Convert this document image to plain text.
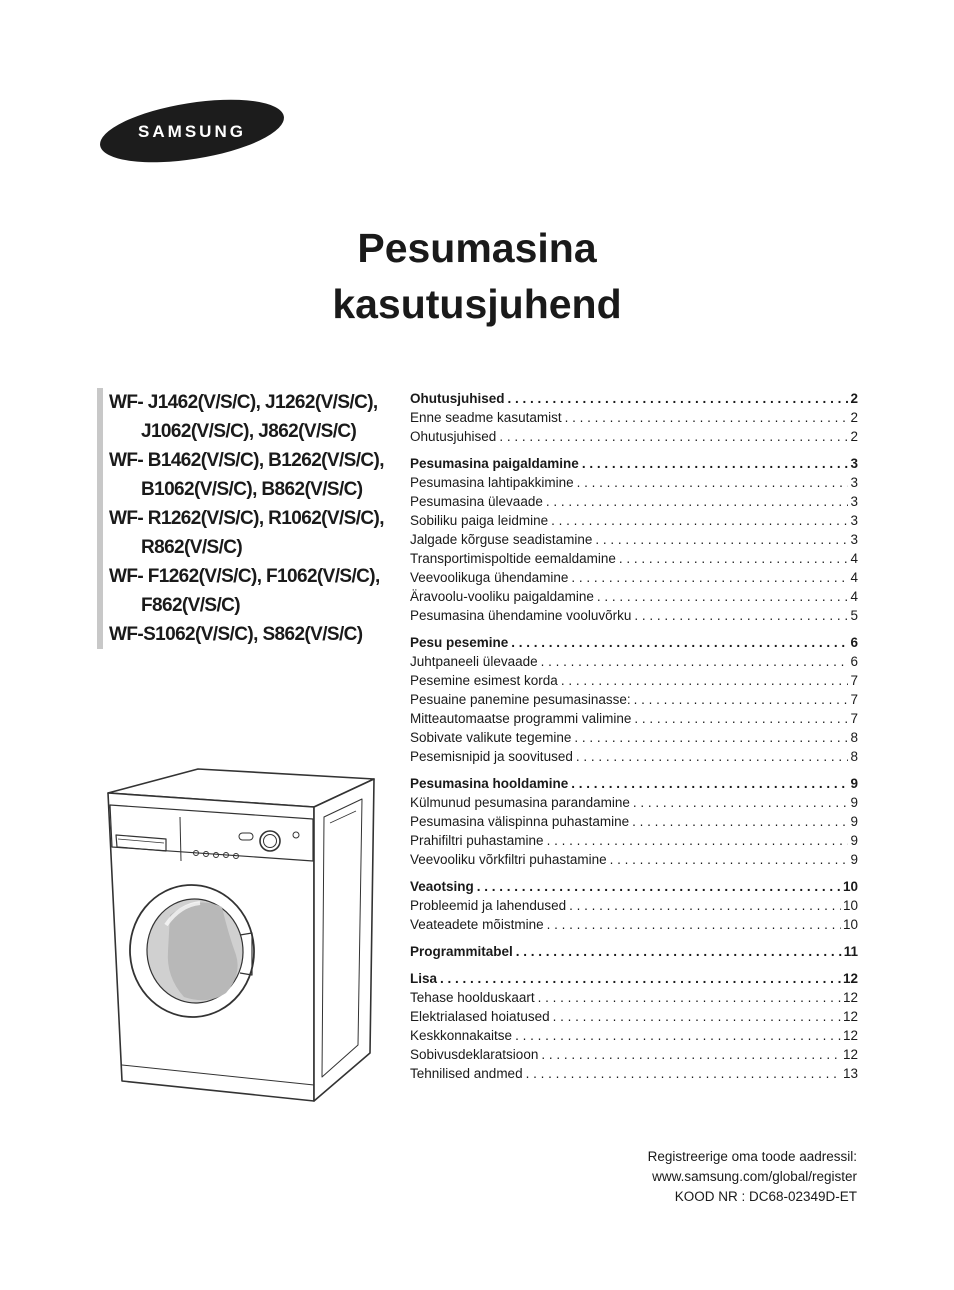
SAMSUNG
Pesumasina
kasutusjuhend
WF- J1462(V/S/C), J1262(V/S/C),
J1062(V/S/C), J862(V/S/C)
WF- B1462(V/S/C), B1262(V/S/C),
B1062(V/S/C), B862(V/S/C)
WF- R1262(V/S/C), R1062(V/S/C),
R862(V/S/C)
WF- F1262(V/S/C), F1062(V/S/C),
F862(V/S/C)
WF-S1062(V/S/C), S862(V/S/C)
Ohutusjuhised . . .	2
Enne seadme kasutamist . . .	2
Ohutusjuhised . . .	2
Pesumasina paigaldamine . . .	3
Pesumasina lahtipakkimine . . .	3
Pesumasina ülevaade . . .	3
Sobiliku paiga leidmine . . .	3
Jalgade kõrguse seadistamine . . .	3
Transportimispoltide eemaldamine . . .	4
Veevoolikuga ühendamine . . .	4
Äravoolu-vooliku paigaldamine . . .	4
Pesumasina ühendamine vooluvõrku . . .	5
Pesu pesemine . . .	6
Juhtpaneeli ülevaade . . .	6
Pesemine esimest korda . . .	7
Pesuaine panemine pesumasinasse: . . .	7
Mitteautomaatse programmi valimine . . .	7
Sobivate valikute tegemine . . .	8
Pesemisnipid ja soovitused . . .	8
Pesumasina hooldamine . . .	9
Külmunud pesumasina parandamine . . .	9
Pesumasina välispinna puhastamine . . .	9
Prahifiltri puhastamine . . .	9
Veevooliku võrkfiltri puhastamine . . .	9
Veaotsing . . .	10
Probleemid ja lahendused . . .	10
Veateadete mõistmine . . .	10
Programmitabel . . .	11
Lisa . . .	12
Tehase hoolduskaart . . .	12
Elektrialased hoiatused . . .	12
Keskkonnakaitse . . .	12
Sobivusdeklaratsioon . . .	12
Tehnilised andmed . . .	13
Registreerige oma toode aadressil:
www.samsung.com/global/register
KOOD NR : DC68-02349D-ET
